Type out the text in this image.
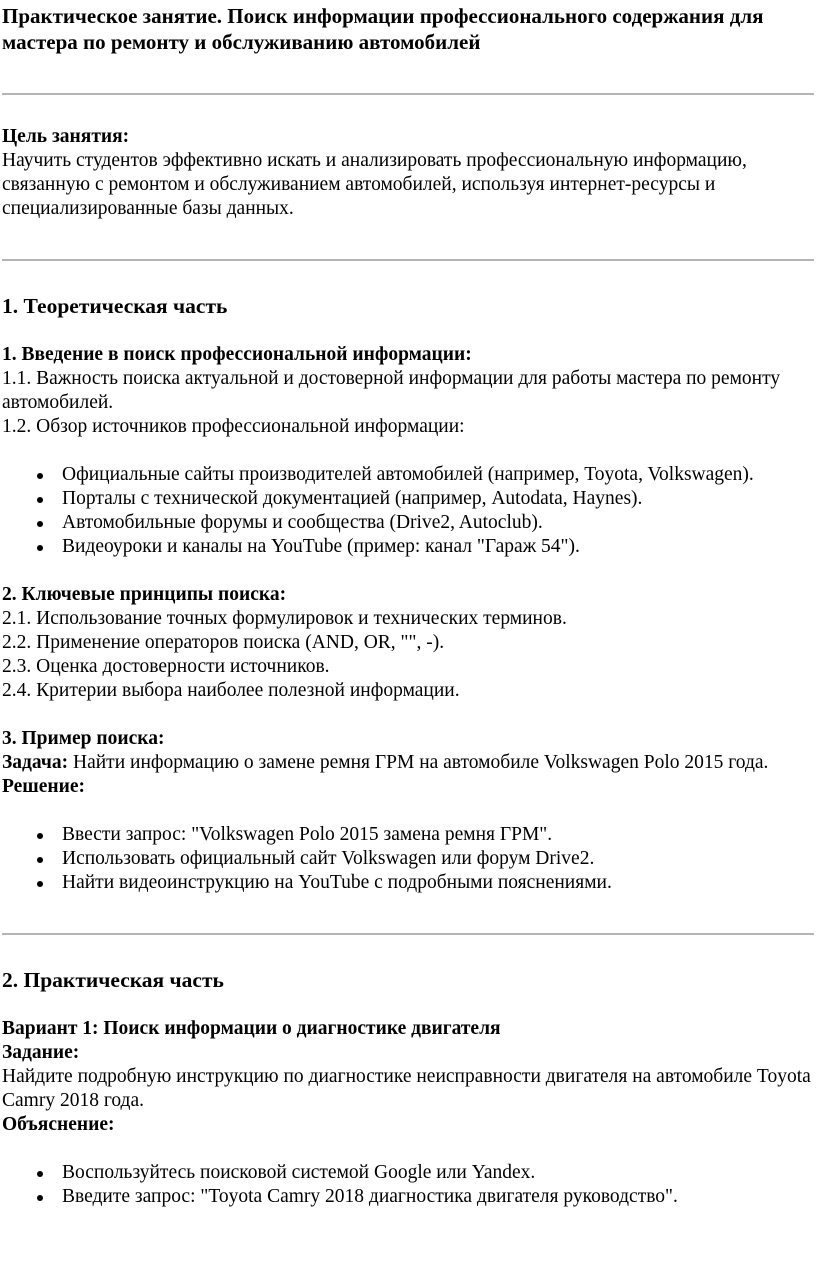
Практическое занятие. Поиск информации профессионального содержания для мастера по ремонту и обслуживанию автомобилей

Цель занятия:

Научить студентов эффективно искать и анализировать профессиональную информацию, связанную с ремонтом и обслуживанием автомобилей, используя интернет-ресурсы и специализированные базы данных.

1. Теоретическая часть

1. Введение в поиск профессиональной информации:

1.1. Важность поиска актуальной и достоверной информации для работы мастера по ремонту автомобилей.

1.2. Обзор источников профессиональной информации:

Официальные сайты производителей автомобилей (например, Toyota, Volkswagen).
Порталы с технической документацией (например, Autodata, Haynes).
Автомобильные форумы и сообщества (Drive2, Autoclub).
Видеоуроки и каналы на YouTube (пример: канал "Гараж 54").

2. Ключевые принципы поиска:

2.1. Использование точных формулировок и технических терминов.

2.2. Применение операторов поиска (AND, OR, "", -).

2.3. Оценка достоверности источников.

2.4. Критерии выбора наиболее полезной информации.

3. Пример поиска:

Задача: Найти информацию о замене ремня ГРМ на автомобиле Volkswagen Polo 2015 года.

Решение:

Ввести запрос: "Volkswagen Polo 2015 замена ремня ГРМ".
Использовать официальный сайт Volkswagen или форум Drive2.
Найти видеоинструкцию на YouTube с подробными пояснениями.

2. Практическая часть

Вариант 1: Поиск информации о диагностике двигателя

Задание:

Найдите подробную инструкцию по диагностике неисправности двигателя на автомобиле Toyota Camry 2018 года.

Объяснение:

Воспользуйтесь поисковой системой Google или Yandex.
Введите запрос: "Toyota Camry 2018 диагностика двигателя руководство".
